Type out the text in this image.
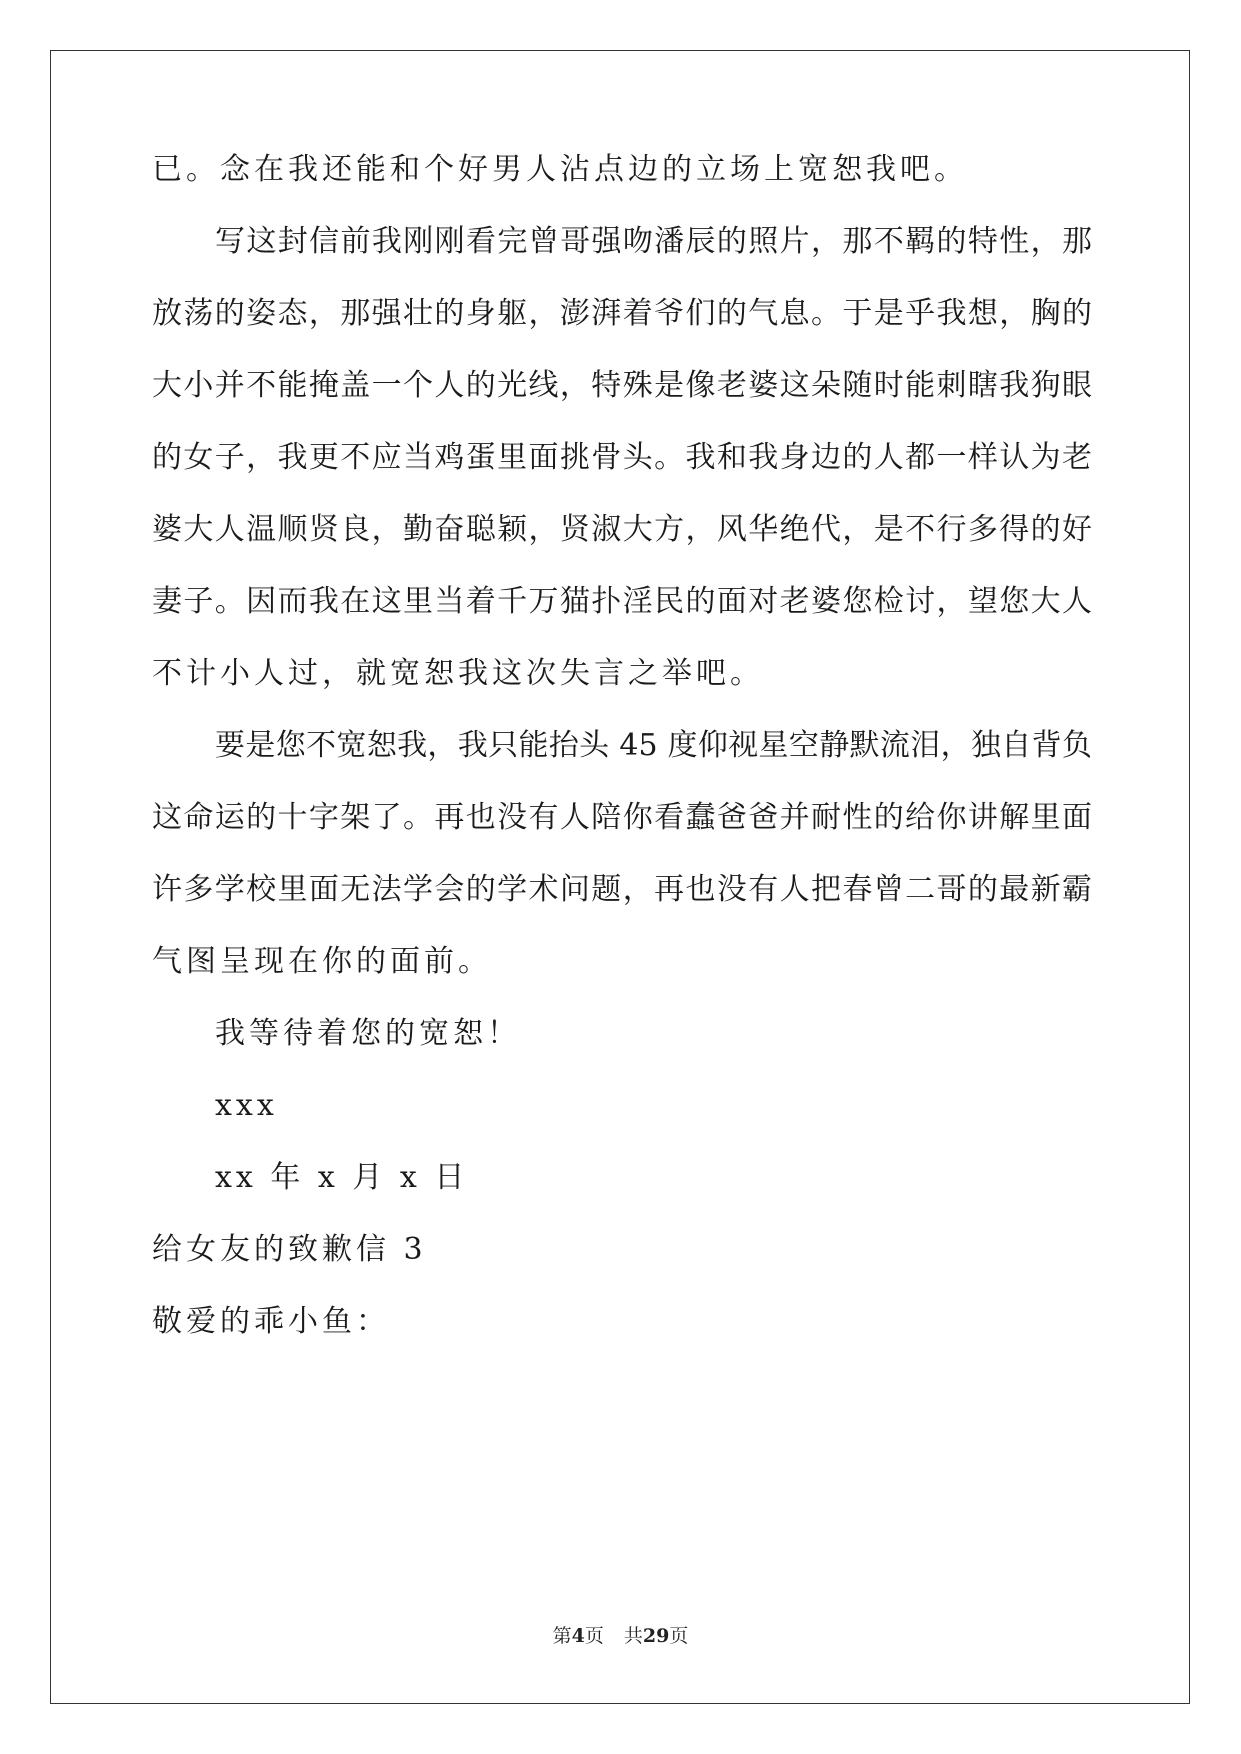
已。念在我还能和个好男人沾点边的立场上宽恕我吧。
写这封信前我刚刚看完曾哥强吻潘辰的照片，那不羁的特性，那
放荡的姿态，那强壮的身躯，澎湃着爷们的气息。于是乎我想，胸的
大小并不能掩盖一个人的光线，特殊是像老婆这朵随时能刺瞎我狗眼
的女子，我更不应当鸡蛋里面挑骨头。我和我身边的人都一样认为老
婆大人温顺贤良，勤奋聪颖，贤淑大方，风华绝代，是不行多得的好
妻子。因而我在这里当着千万猫扑淫民的面对老婆您检讨，望您大人
不计小人过，就宽恕我这次失言之举吧。
要是您不宽恕我，我只能抬头 45 度仰视星空静默流泪，独自背负
这命运的十字架了。再也没有人陪你看蠢爸爸并耐性的给你讲解里面
许多学校里面无法学会的学术问题，再也没有人把春曾二哥的最新霸
气图呈现在你的面前。
我等待着您的宽恕！
xxx
xx 年 x 月 x 日
给女友的致歉信 3
敬爱的乖小鱼：
第4页 共29页
